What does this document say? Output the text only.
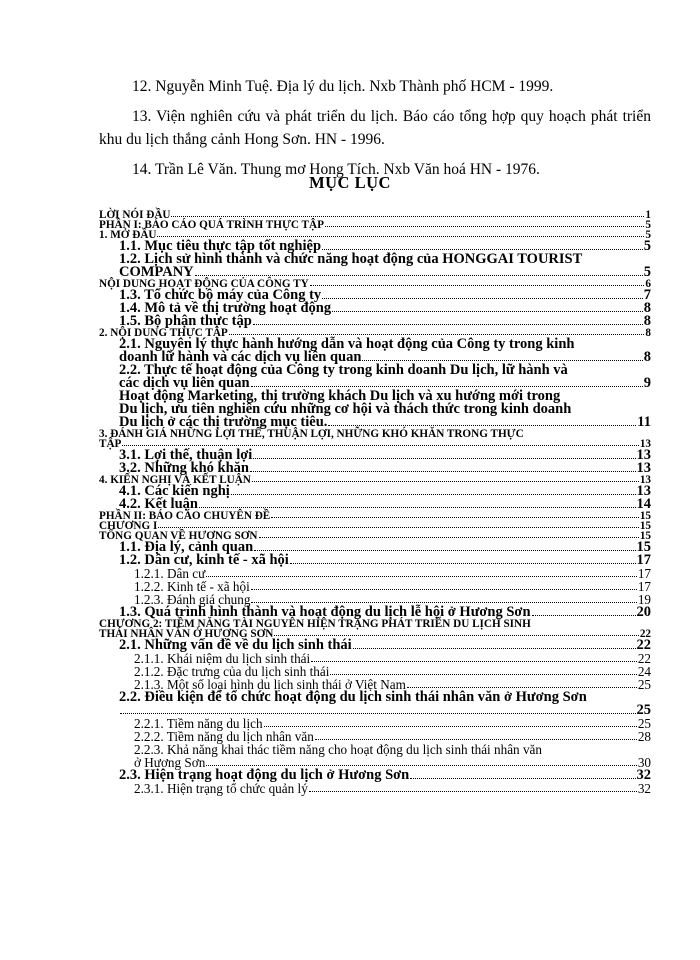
12. Nguyễn Minh Tuệ. Địa lý du lịch. Nxb Thành phố HCM - 1999.

13. Viện nghiên cứu và phát triển du lịch. Báo cáo tổng hợp quy hoạch phát triển khu du lịch thắng cảnh Hong Sơn. HN - 1996.

14. Trần Lê Văn. Thung mơ Hong Tích. Nxb Văn hoá HN - 1976.

MỤC LỤC
LỜI NÓI ĐẦU	1
PHẦN I: BÁO CÁO QUÁ TRÌNH THỰC TẬP	5
1. MỞ ĐẦU	5
1.1. Mục tiêu thực tập tốt nghiệp	5
1.2. Lịch sử hình thành và chức năng hoạt động của HONGGAI TOURIST
COMPANY	5
NỘI DUNG HOẠT ĐỘNG CỦA CÔNG TY	6
1.3. Tổ chức bộ máy của Công ty	7
1.4. Mô tả về thị trường hoạt động	8
1.5. Bộ phận thực tập	8
2. NỘI DUNG THỰC TẬP	8
2.1. Nguyên lý thực hành hướng dẫn và hoạt động của Công ty trong kinh
doanh lữ hành và các dịch vụ liên quan	8
2.2. Thực tế hoạt động của Công ty trong kinh doanh Du lịch, lữ hành và
các dịch vụ liên quan	9
Hoạt động Marketing, thị trường khách Du lịch và xu hướng mới trong
Du lịch, ưu tiên nghiên cứu những cơ hội và thách thức trong kinh doanh
Du lịch ở các thị trường mục tiêu.	11
3. ĐÁNH GIÁ NHỮNG LỢI THẾ, THUẬN LỢI, NHỮNG KHÓ KHĂN TRONG THỰC
TẬP	13
3.1. Lợi thế, thuận lợi	13
3.2. Những khó khăn	13
4. KIẾN NGHỊ VÀ KẾT LUẬN	13
4.1. Các kiến nghị	13
4.2. Kết luận	14
PHẦN II: BÁO CÁO CHUYÊN ĐỀ	15
CHƯƠNG I	15
TỔNG QUAN VỀ HƯƠNG SƠN	15
1.1. Địa lý, cảnh quan	15
1.2. Dân cư, kinh tế - xã hội	17
1.2.1. Dân cư	17
1.2.2. Kinh tế - xã hội	17
1.2.3. Đánh giá chung	19
1.3. Quá trình hình thành và hoạt động du lịch lễ hội ở Hương Sơn	20
CHƯƠNG 2: TIỀM NĂNG TÀI NGUYÊN HIỆN TRẠNG PHÁT TRIỂN DU LỊCH SINH
THÁI NHÂN VĂN Ở HƯƠNG SƠN	22
2.1. Những vấn đề về du lịch sinh thái	22
2.1.1. Khái niệm du lịch sinh thái	22
2.1.2. Đặc trưng của du lịch sinh thái	24
2.1.3. Một số loại hình du lịch sinh thái ở Việt Nam	25
2.2. Điều kiện để tổ chức hoạt động du lịch sinh thái nhân văn ở Hương Sơn
25
2.2.1. Tiềm năng du lịch	25
2.2.2. Tiềm năng du lịch nhân văn	28
2.2.3. Khả năng khai thác tiềm năng cho hoạt động du lịch sinh thái nhân văn
ở Hương Sơn	30
2.3. Hiện trạng hoạt động du lịch ở Hương Sơn	32
2.3.1. Hiện trạng tổ chức quản lý	32
